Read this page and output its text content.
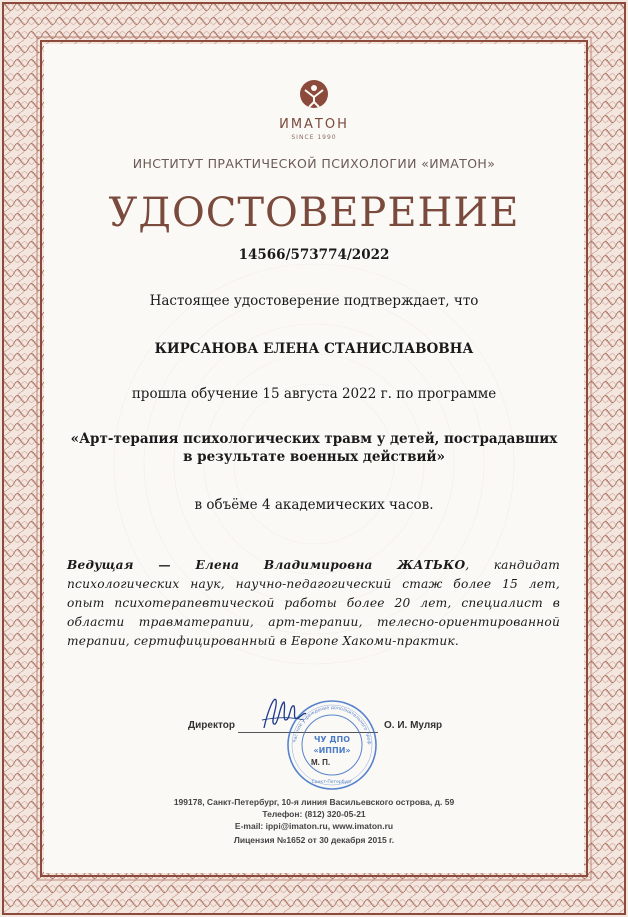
ИМАТОН
SINCE 1990
ИНСТИТУТ ПРАКТИЧЕСКОЙ ПСИХОЛОГИИ «ИМАТОН»
УДОСТОВЕРЕНИЕ
14566/573774/2022
Настоящее удостоверение подтверждает, что
КИРСАНОВА ЕЛЕНА СТАНИСЛАВОВНА
прошла обучение 15 августа 2022 г. по программе
«Арт-терапия психологических травм у детей, пострадавших в результате военных действий»
в объёме 4 академических часов.
Ведущая — Елена Владимировна ЖАТЬКО, кандидат психологических наук, научно-педагогический стаж более 15 лет, опыт психотерапевтической работы более 20 лет, специалист в области травматерапии, арт-терапии, телесно-ориентированной терапии, сертифицированный в Европе Хакоми-практик.
Директор
Частное учреждение дополнительного проф
ЧУ ДПО
«ИППИ»
Санкт-Петербург
О. И. Муляр
М. П.
199178, Санкт-Петербург, 10-я линия Васильевского острова, д. 59
Телефон: (812) 320-05-21
E-mail: ippi@imaton.ru, www.imaton.ru
Лицензия №1652 от 30 декабря 2015 г.
